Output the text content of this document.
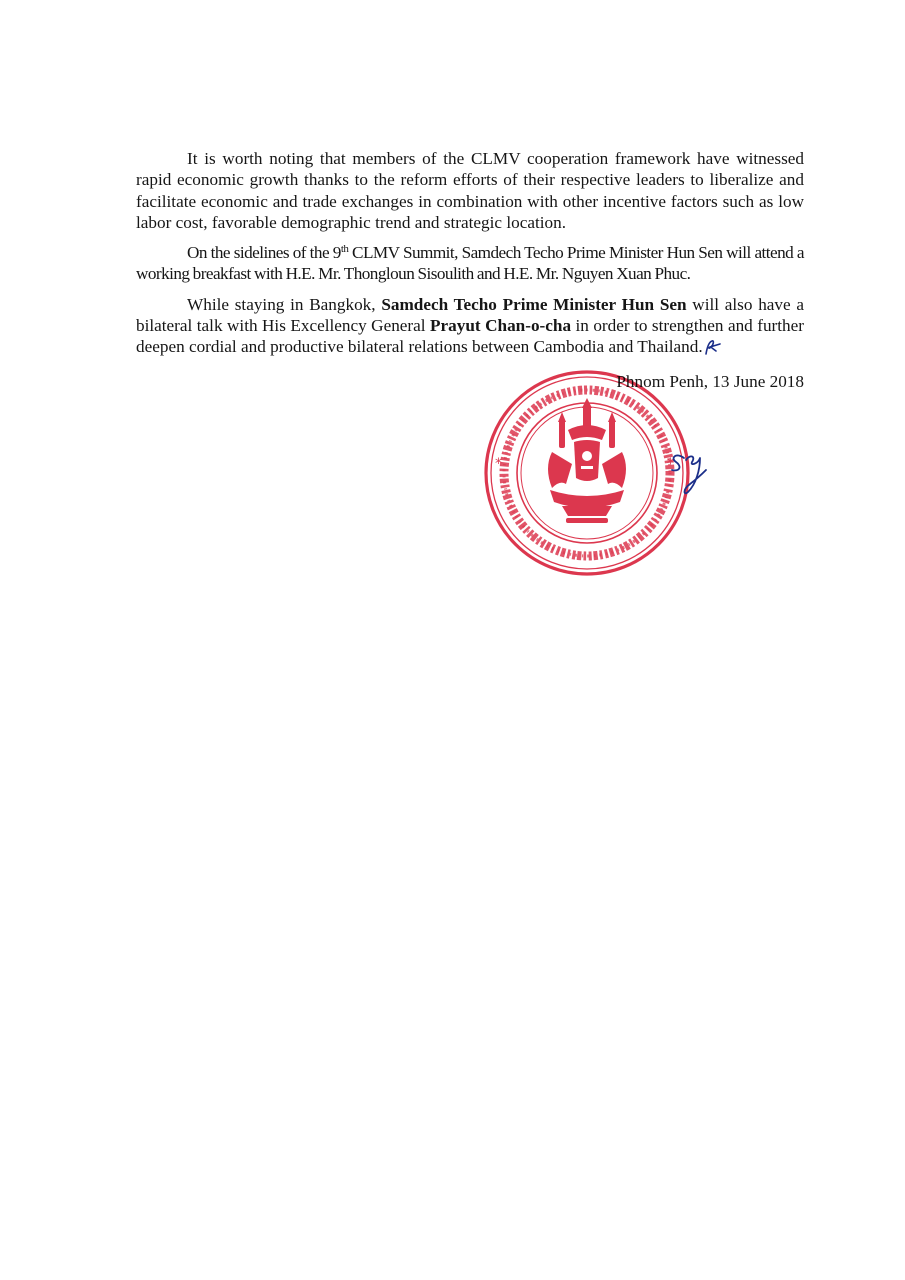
It is worth noting that members of the CLMV cooperation framework have witnessed rapid economic growth thanks to the reform efforts of their respective leaders to liberalize and facilitate economic and trade exchanges in combination with other incentive factors such as low labor cost, favorable demographic trend and strategic location.

On the sidelines of the 9th CLMV Summit, Samdech Techo Prime Minister Hun Sen will attend a working breakfast with H.E. Mr. Thongloun Sisoulith and H.E. Mr. Nguyen Xuan Phuc.

While staying in Bangkok, Samdech Techo Prime Minister Hun Sen will also have a bilateral talk with His Excellency General Prayut Chan-o-cha in order to strengthen and further deepen cordial and productive bilateral relations between Cambodia and Thailand.

Phnom Penh, 13 June 2018
*	*
